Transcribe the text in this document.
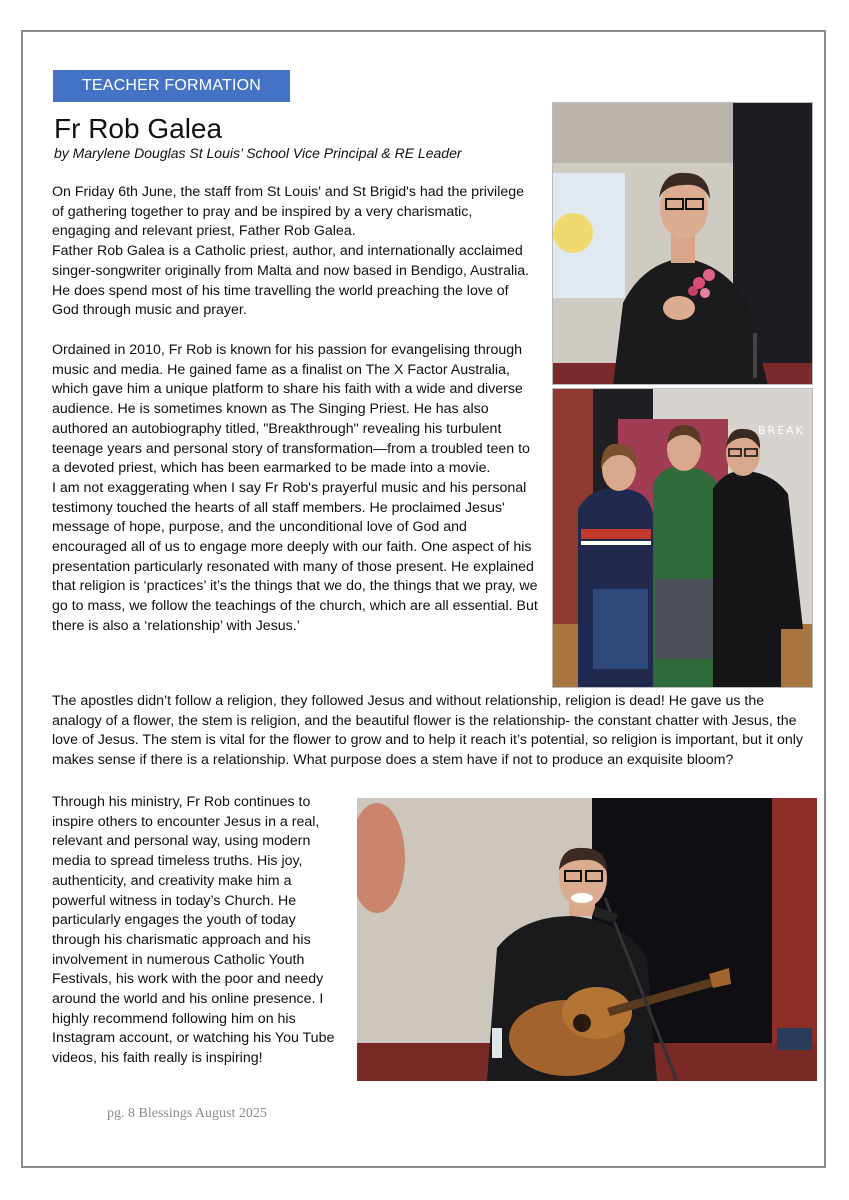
TEACHER FORMATION
Fr Rob Galea
by Marylene Douglas St Louis’ School Vice Principal & RE Leader

On Friday 6th June, the staff from St Louis' and St Brigid's had the privilege of gathering together to pray and be inspired by a very charismatic, engaging and relevant priest, Father Rob Galea.
Father Rob Galea is a Catholic priest, author, and internationally acclaimed singer-songwriter originally from Malta and now based in Bendigo, Australia. He does spend most of his time travelling the world preaching the love of God through music and prayer.

Ordained in 2010, Fr Rob is known for his passion for evangelising through music and media. He gained fame as a finalist on The X Factor Australia, which gave him a unique platform to share his faith with a wide and diverse audience. He is sometimes known as The Singing Priest. He has also authored an autobiography titled, "Breakthrough" revealing his turbulent teenage years and personal story of transformation—from a troubled teen to a devoted priest, which has been earmarked to be made into a movie.
I am not exaggerating when I say Fr Rob's prayerful music and his personal testimony touched the hearts of all staff members. He proclaimed Jesus' message of hope, purpose, and the unconditional love of God and encouraged all of us to engage more deeply with our faith. One aspect of his presentation particularly resonated with many of those present. He explained that religion is ‘practices’ it’s the things that we do, the things that we pray, we go to mass, we follow the teachings of the church, which are all essential. But there is also a ‘relationship’ with Jesus.’

The apostles didn’t follow a religion, they followed Jesus and without relationship, religion is dead! He gave us the analogy of a flower, the stem is religion, and the beautiful flower is the relationship- the constant chatter with Jesus, the love of Jesus. The stem is vital for the flower to grow and to help it reach it’s potential, so religion is important, but it only makes sense if there is a relationship. What purpose does a stem have if not to produce an exquisite bloom?

Through his ministry, Fr Rob continues to inspire others to encounter Jesus in a real, relevant and personal way, using modern media to spread timeless truths. His joy, authenticity, and creativity make him a powerful witness in today’s Church. He particularly engages the youth of today through his charismatic approach and his involvement in numerous Catholic Youth Festivals, his work with the poor and needy around the world and his online presence. I highly recommend following him on his Instagram account, or watching his You Tube videos, his faith really is inspiring!

BREAK
pg. 8 Blessings August 2025
